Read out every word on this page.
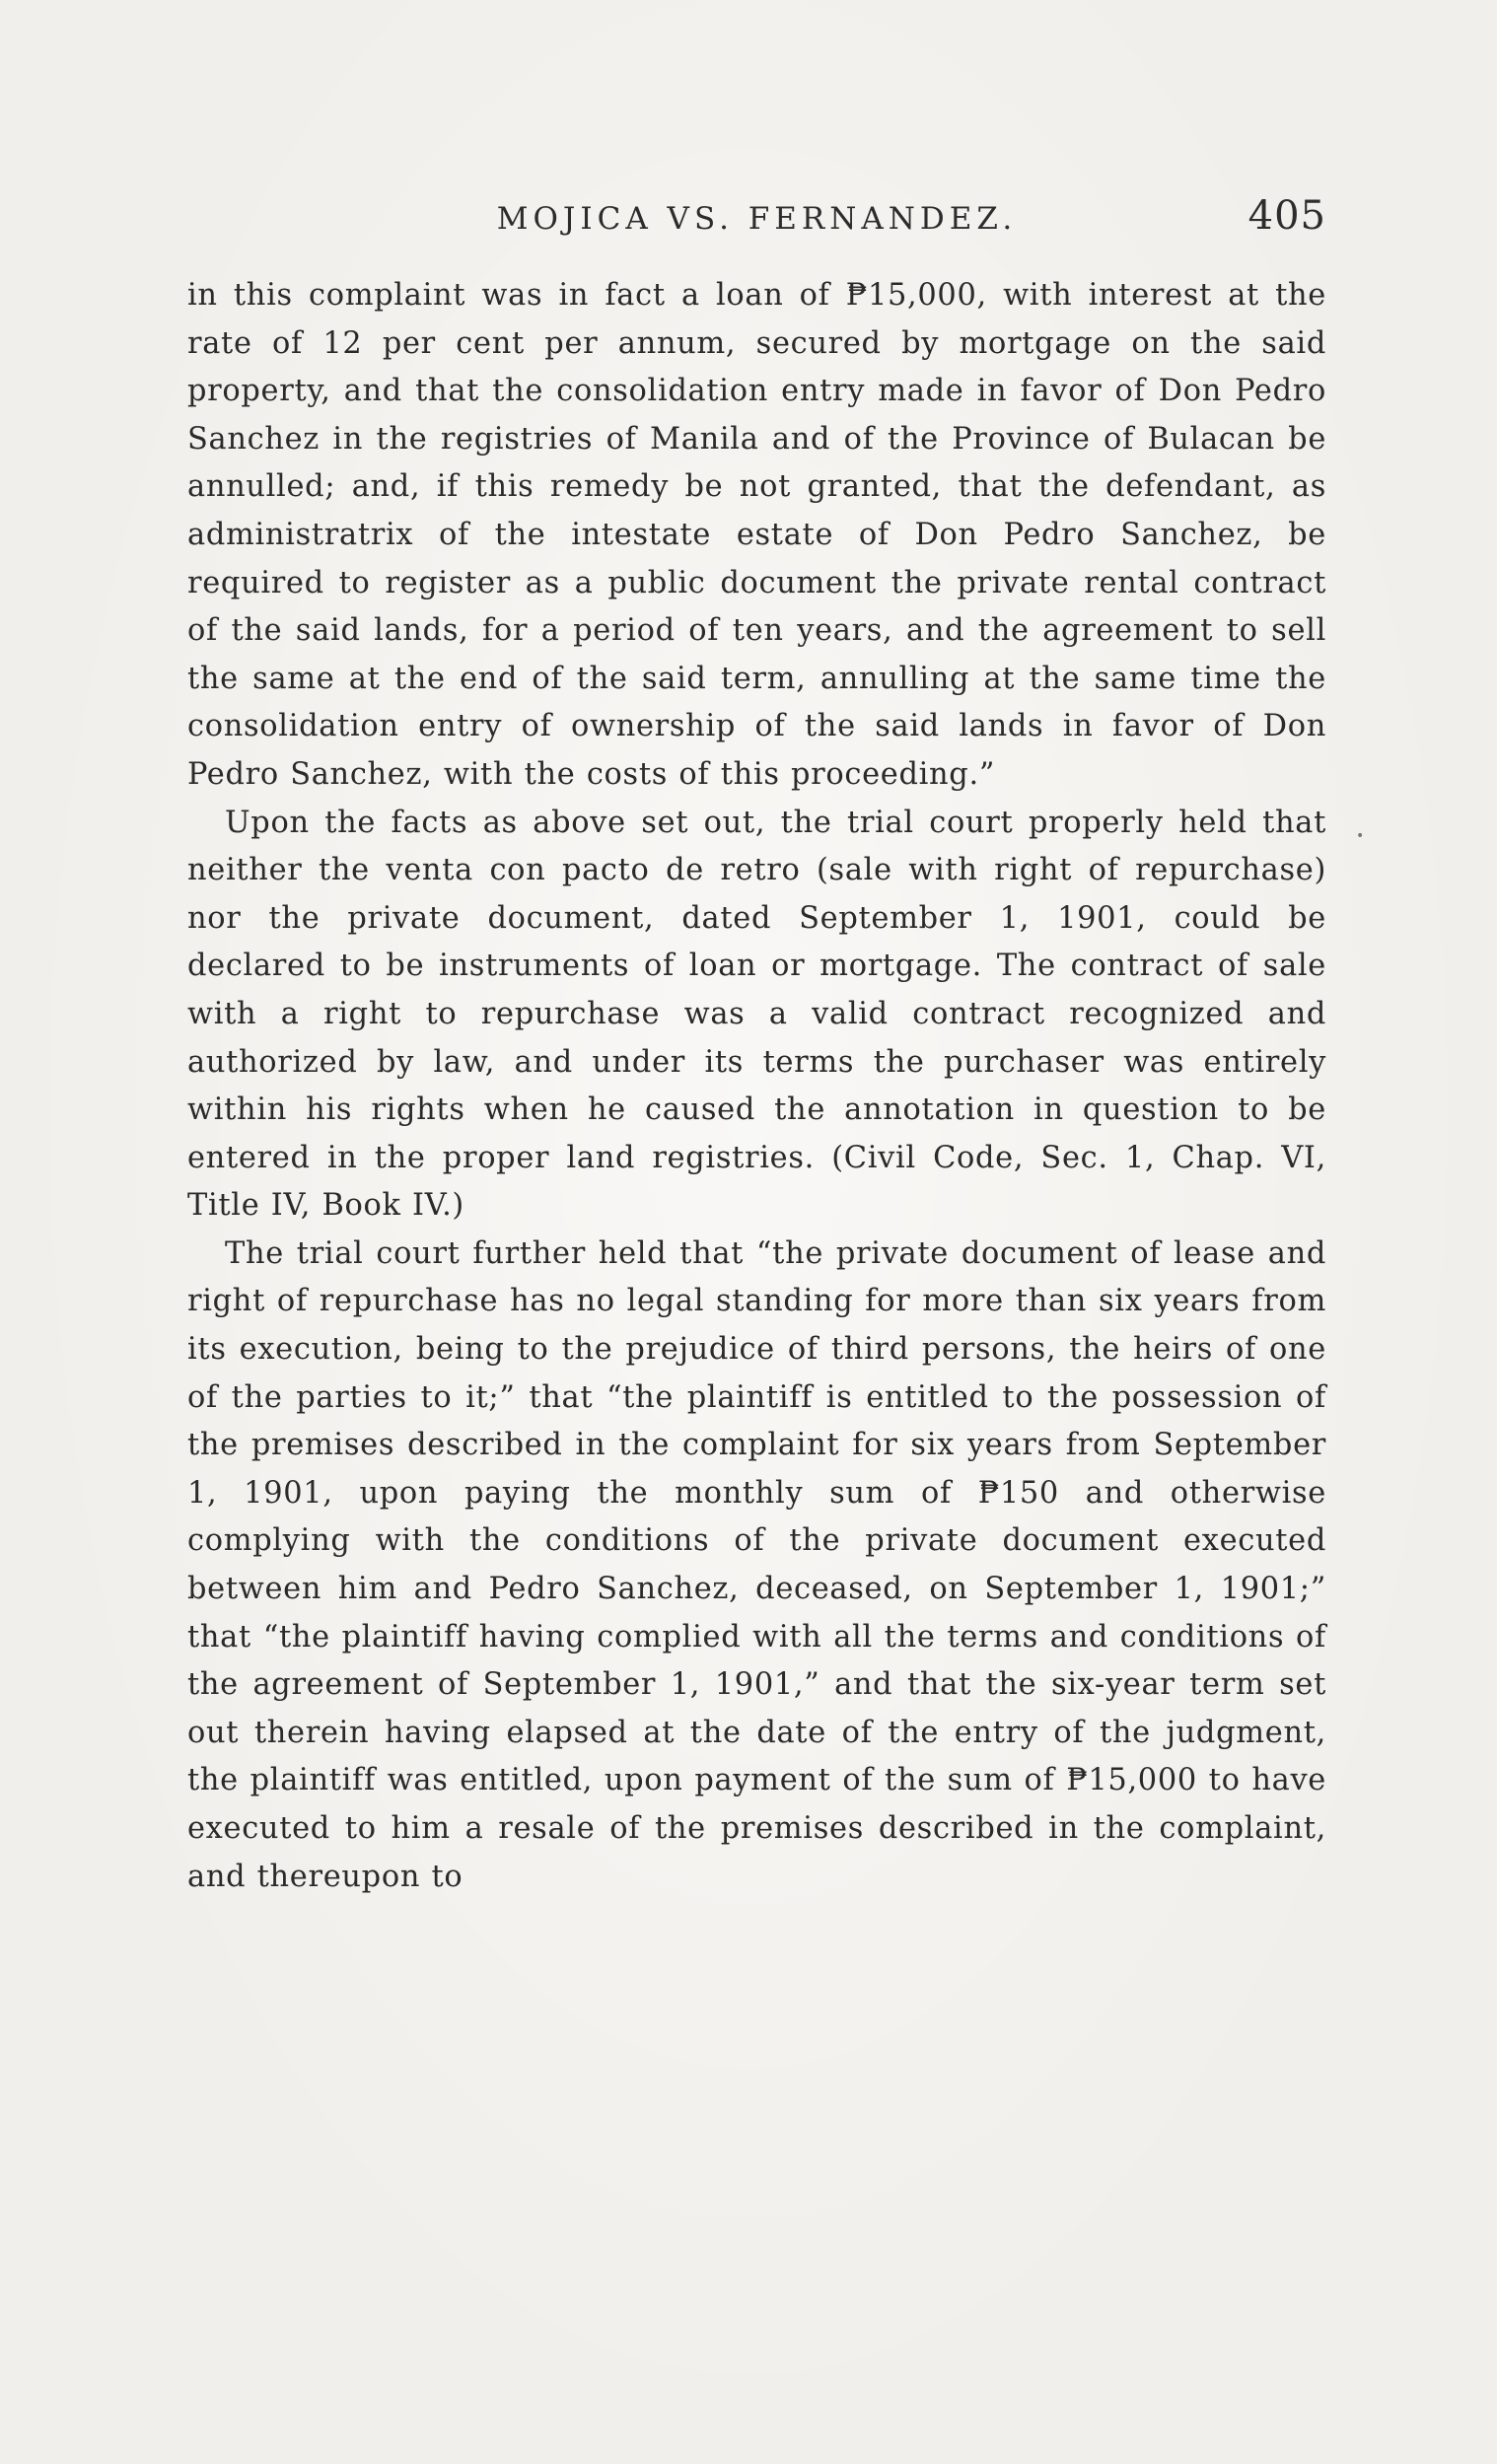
MOJICA VS. FERNANDEZ.	405

in this complaint was in fact a loan of ₱15,000, with interest at the rate of 12 per cent per annum, secured by mortgage on the said property, and that the consolidation entry made in favor of Don Pedro Sanchez in the registries of Manila and of the Province of Bulacan be annulled; and, if this remedy be not granted, that the defendant, as administratrix of the intestate estate of Don Pedro Sanchez, be required to register as a public document the private rental contract of the said lands, for a period of ten years, and the agreement to sell the same at the end of the said term, annulling at the same time the consolidation entry of ownership of the said lands in favor of Don Pedro Sanchez, with the costs of this proceeding.”

Upon the facts as above set out, the trial court properly held that neither the venta con pacto de retro (sale with right of repurchase) nor the private document, dated September 1, 1901, could be declared to be instruments of loan or mortgage. The contract of sale with a right to repurchase was a valid contract recognized and authorized by law, and under its terms the purchaser was entirely within his rights when he caused the annotation in question to be entered in the proper land registries. (Civil Code, Sec. 1, Chap. VI, Title IV, Book IV.)

The trial court further held that “the private document of lease and right of repurchase has no legal standing for more than six years from its execution, being to the prejudice of third persons, the heirs of one of the parties to it;” that “the plaintiff is entitled to the possession of the premises described in the complaint for six years from September 1, 1901, upon paying the monthly sum of ₱150 and otherwise complying with the conditions of the private document executed between him and Pedro Sanchez, deceased, on September 1, 1901;” that “the plaintiff having complied with all the terms and conditions of the agreement of September 1, 1901,” and that the six-year term set out therein having elapsed at the date of the entry of the judgment, the plaintiff was entitled, upon payment of the sum of ₱15,000 to have executed to him a resale of the premises described in the complaint, and thereupon to

•
